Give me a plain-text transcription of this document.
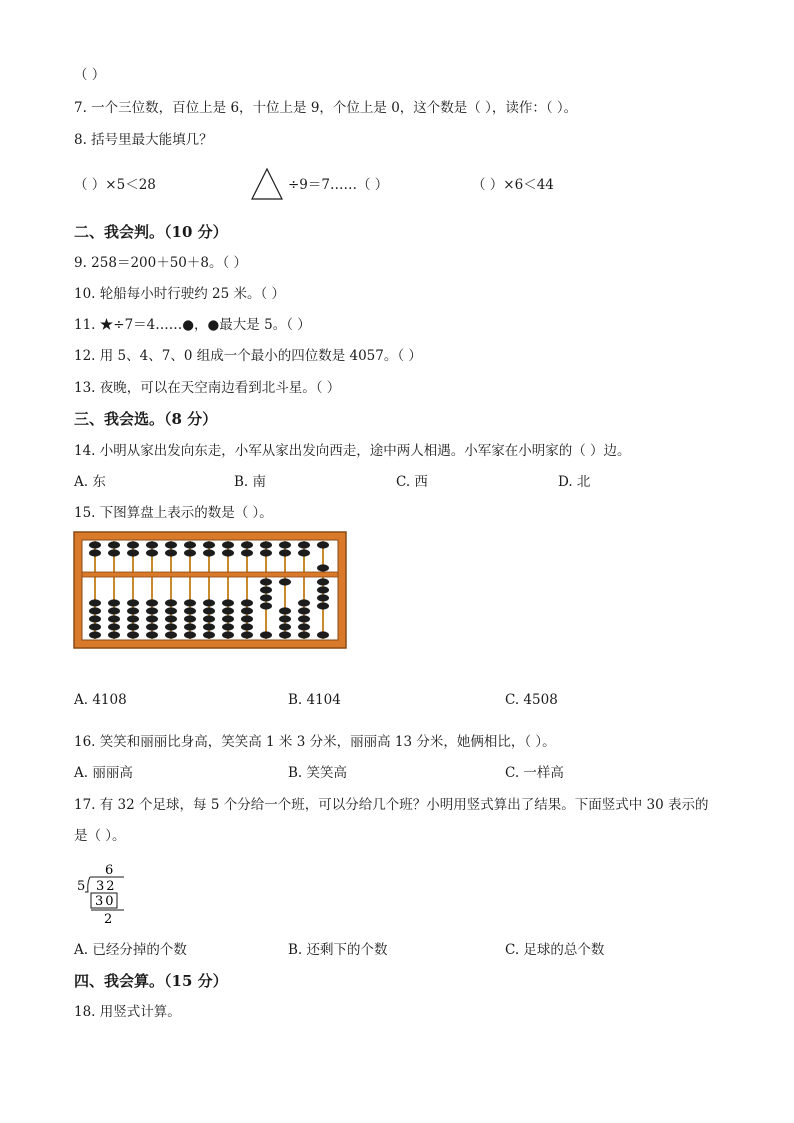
（ ）
7. 一个三位数，百位上是 6，十位上是 9，个位上是 0，这个数是（ ），读作：（ ）。
8. 括号里最大能填几？
（ ）×5＜28	÷9＝7……（ ）	（ ）×6＜44
二、我会判。（10 分）
9. 258＝200＋50＋8。（ ）
10. 轮船每小时行驶约 25 米。（ ）
11. ★÷7＝4……●，●最大是 5。（ ）
12. 用 5、4、7、0 组成一个最小的四位数是 4057。（ ）
13. 夜晚，可以在天空南边看到北斗星。（ ）
三、我会选。（8 分）
14. 小明从家出发向东走，小军从家出发向西走，途中两人相遇。小军家在小明家的（ ）边。
A. 东	B. 南	C. 西	D. 北
15. 下图算盘上表示的数是（ ）。
A. 4108	B. 4104	C. 4508
16. 笑笑和丽丽比身高，笑笑高 1 米 3 分米，丽丽高 13 分米，她俩相比，（ ）。
A. 丽丽高	B. 笑笑高	C. 一样高
17. 有 32 个足球，每 5 个分给一个班，可以分给几个班？小明用竖式算出了结果。下面竖式中 30 表示的
是（ ）。
6
5 32
30
2
A. 已经分掉的个数	B. 还剩下的个数	C. 足球的总个数
四、我会算。（15 分）
18. 用竖式计算。
